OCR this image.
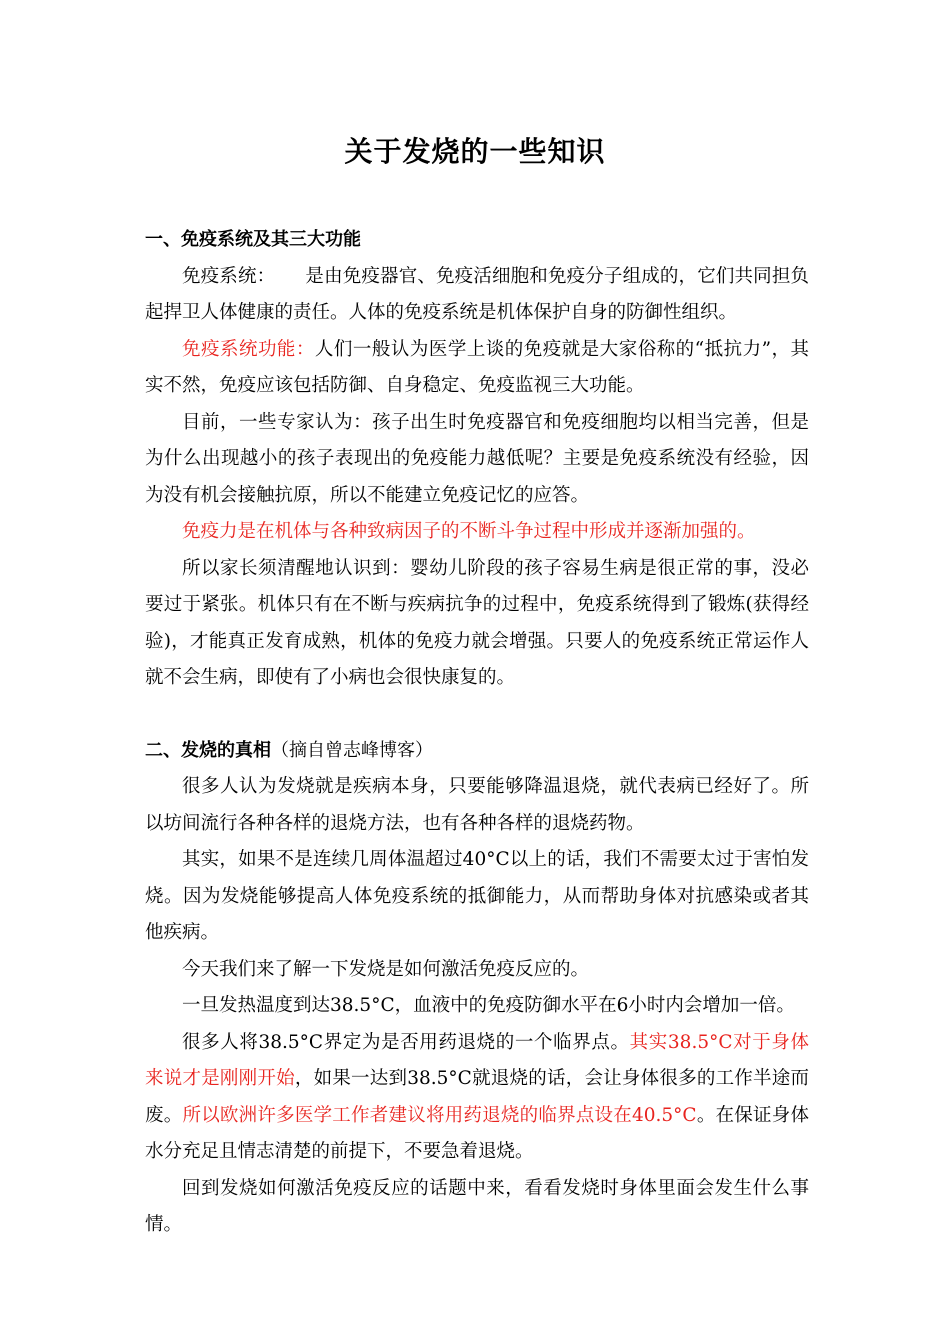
关于发烧的一些知识
一、免疫系统及其三大功能

免疫系统： 是由免疫器官、免疫活细胞和免疫分子组成的，它们共同担负起捍卫人体健康的责任。人体的免疫系统是机体保护自身的防御性组织。

免疫系统功能：人们一般认为医学上谈的免疫就是大家俗称的“抵抗力”，其实不然，免疫应该包括防御、自身稳定、免疫监视三大功能。

目前，一些专家认为：孩子出生时免疫器官和免疫细胞均以相当完善，但是为什么出现越小的孩子表现出的免疫能力越低呢？主要是免疫系统没有经验，因为没有机会接触抗原，所以不能建立免疫记忆的应答。

免疫力是在机体与各种致病因子的不断斗争过程中形成并逐渐加强的。

所以家长须清醒地认识到：婴幼儿阶段的孩子容易生病是很正常的事，没必要过于紧张。机体只有在不断与疾病抗争的过程中，免疫系统得到了锻炼(获得经验)，才能真正发育成熟，机体的免疫力就会增强。只要人的免疫系统正常运作人就不会生病，即使有了小病也会很快康复的。

二、发烧的真相（摘自曾志峰博客）

很多人认为发烧就是疾病本身，只要能够降温退烧，就代表病已经好了。所以坊间流行各种各样的退烧方法，也有各种各样的退烧药物。

其实，如果不是连续几周体温超过40°C以上的话，我们不需要太过于害怕发烧。因为发烧能够提高人体免疫系统的抵御能力，从而帮助身体对抗感染或者其他疾病。

今天我们来了解一下发烧是如何激活免疫反应的。

一旦发热温度到达38.5°C，血液中的免疫防御水平在6小时内会增加一倍。

很多人将38.5°C界定为是否用药退烧的一个临界点。其实38.5°C对于身体来说才是刚刚开始，如果一达到38.5°C就退烧的话，会让身体很多的工作半途而废。所以欧洲许多医学工作者建议将用药退烧的临界点设在40.5°C。在保证身体水分充足且情志清楚的前提下，不要急着退烧。

回到发烧如何激活免疫反应的话题中来，看看发烧时身体里面会发生什么事情。
